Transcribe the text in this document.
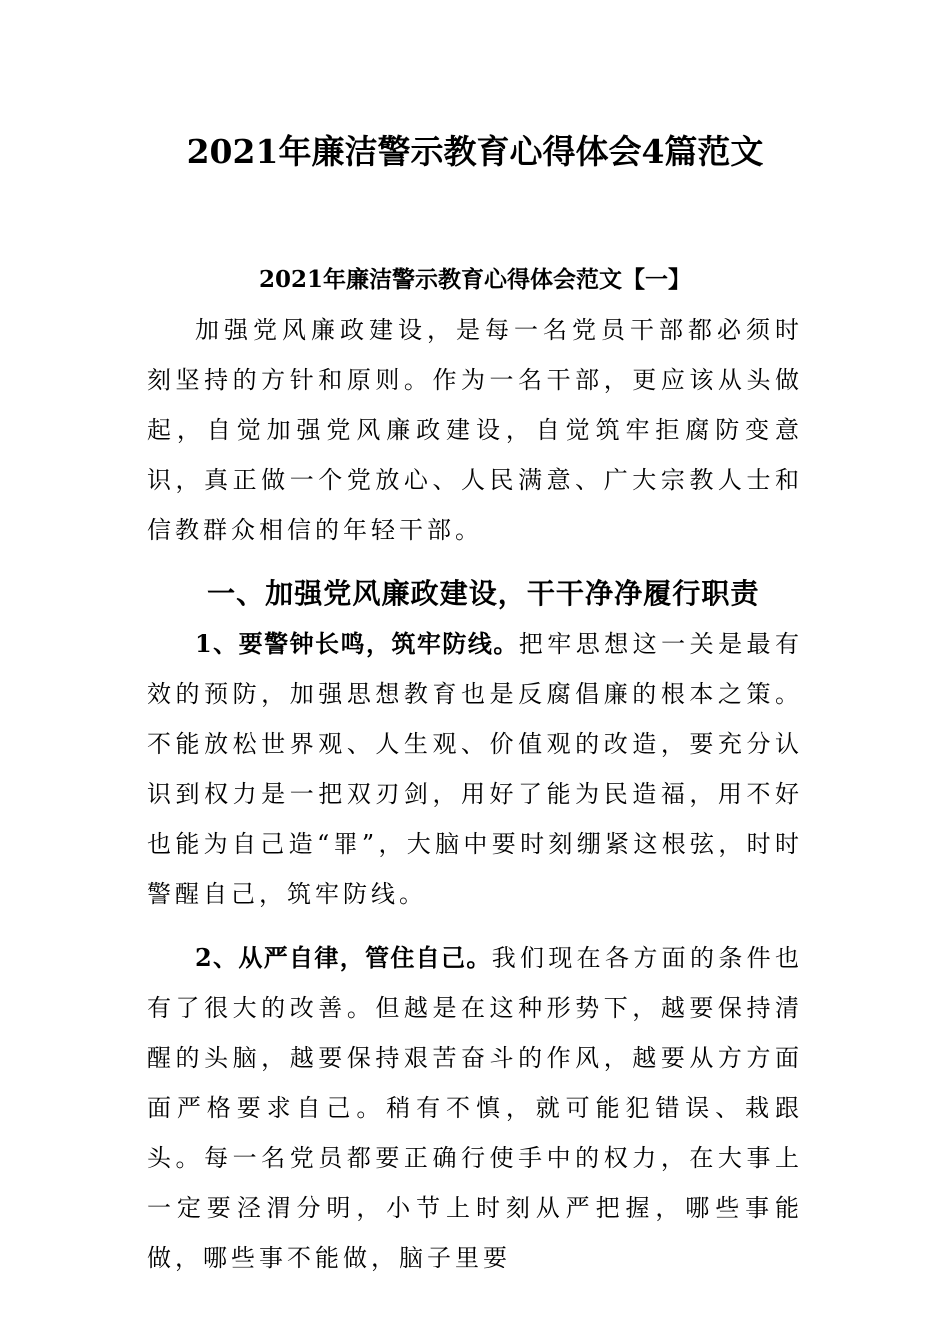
2021年廉洁警示教育心得体会4篇范文
2021年廉洁警示教育心得体会范文【一】

加强党风廉政建设，是每一名党员干部都必须时刻坚持的方针和原则。作为一名干部，更应该从头做起，自觉加强党风廉政建设，自觉筑牢拒腐防变意识，真正做一个党放心、人民满意、广大宗教人士和信教群众相信的年轻干部。

一、加强党风廉政建设，干干净净履行职责

1、要警钟长鸣，筑牢防线。把牢思想这一关是最有效的预防，加强思想教育也是反腐倡廉的根本之策。不能放松世界观、人生观、价值观的改造，要充分认识到权力是一把双刃剑，用好了能为民造福，用不好也能为自己造“罪”，大脑中要时刻绷紧这根弦，时时警醒自己，筑牢防线。

2、从严自律，管住自己。我们现在各方面的条件也有了很大的改善。但越是在这种形势下，越要保持清醒的头脑，越要保持艰苦奋斗的作风，越要从方方面面严格要求自己。稍有不慎，就可能犯错误、栽跟头。每一名党员都要正确行使手中的权力，在大事上一定要泾渭分明，小节上时刻从严把握，哪些事能做，哪些事不能做，脑子里要
